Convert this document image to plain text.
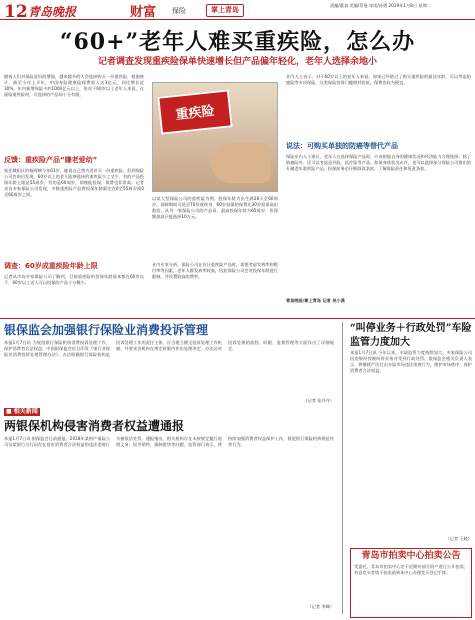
12 青岛晚报	财富 保险	掌上青岛
责编/董真 美编/蔡曼 审读/孙勇 2019年1月8日 星期二
“60+”老年人难买重疾险，怎么办
记者调查发现重疾险保单快速增长但产品偏年轻化，老年人选择余地小
随着人们对保险意识的增强，越来越多的人会选择购买一份重疾险，根据统计，截至今年上半年，中国寿险健康险保费收入达3亿元，同比增长近30%，年内新增保险卡约1000亿元以上，但对于60岁以上老年人来说，在面临重疾险时，可选择的产品却十分有限。
反馈：重疾险产品“嫌老爱幼”
家住城阳区的杨阿姨今年61岁，她说自己想为老伴买一份重疾险，但到保险公司咨询后发现，60岁以上的老人能够选择的重疾险少之又少，有的产品投保年龄上限是55周岁，有的是60周岁，即使能投保，保费也非常高。记者采访多家保险公司发现，多数重疾险产品将投保年龄限定在0至55周岁或0至60周岁之间。
调查：60岁成重疾险年龄上限
记者从市场多家保险公司了解到，目前重疾险的投保年龄基本都在60岁以下，60岁以上老人可以投保的产品十分稀少。
重疾险
以某大型保险公司的重疾险为例，投保年龄为出生满28天至60周岁，保障期间可选至70岁或终身，60岁投保的保费比30岁投保高出数倍。从另一家保险公司的产品看，最高投保年龄为65周岁，但保额最高只能选择10万元。
业内专家分析，保险公司在设计重疾险产品时，需要考虑发病率和赔付率等因素，老年人群发病率较高，因此保险公司会对投保年龄进行限制，并设置较高的费率。
业内人士表示，对于60岁以上的老年人来说，如果已经错过了购买重疾险的最佳年龄，可以考虑防癌险等专项保险，这类保险投保门槛相对较低，保费也较为便宜。
说法：可购买单独的防癌等替代产品
保险业内人士建议，老年人在选择保险产品时，应该根据自身的健康状况和经济能力合理选择。除了防癌险外，还可以考虑意外险、医疗险等产品。如果身体状况允许，也可以选择部分保险公司推出的专属老年重疾险产品，投保前务必仔细阅读条款，了解保险责任和免责条款。
青岛晚报/掌上青岛 记者 吴小燕
银保监会加强银行保险业消费投诉管理
本报1月7日讯 为规范银行保险机构消费投诉处理工作，保护消费者合法权益，中国银保监会近日印发《银行业保险业消费投诉处理管理办法》。办法明确银行保险机构是投诉处理工作的责任主体，应当建立健全投诉处理工作机制，并要求各机构在规定时限内作出处理决定。办法还对投诉处理的流程、时限、监督管理等方面作出了详细规定。
（记者 张丹丹）
■ 相关新闻
两银保机构侵害消费者权益遭通报
本报1月7日讯 银保监会日前通报，2018年某财产保险公司及某银行分行因存在侵害消费者合法权益的违法违规行为被依法处罚。通报指出，相关机构存在未按规定履行说明义务、误导销售、强制搭售等问题。监管部门表示，将持续加强消费者权益保护工作，督促银行保险机构规范经营行为。
（记者 李峰）
“叫停业务＋行政处罚”车险监管力度加大
本报1月7日讯 今年以来，车险监管力度持续加大，多家保险公司因违规经营被叫停业务并受到行政处罚。银保监会相关负责人表示，将继续严厉打击车险市场违法违规行为，维护市场秩序，保护消费者合法权益。
（记者 王晓）
青岛市拍卖中心拍卖公告
受委托，青岛市拍卖中心定于近期对部分资产进行公开拍卖，有意竞买者请于拍卖前到本中心办理竞买登记手续。
